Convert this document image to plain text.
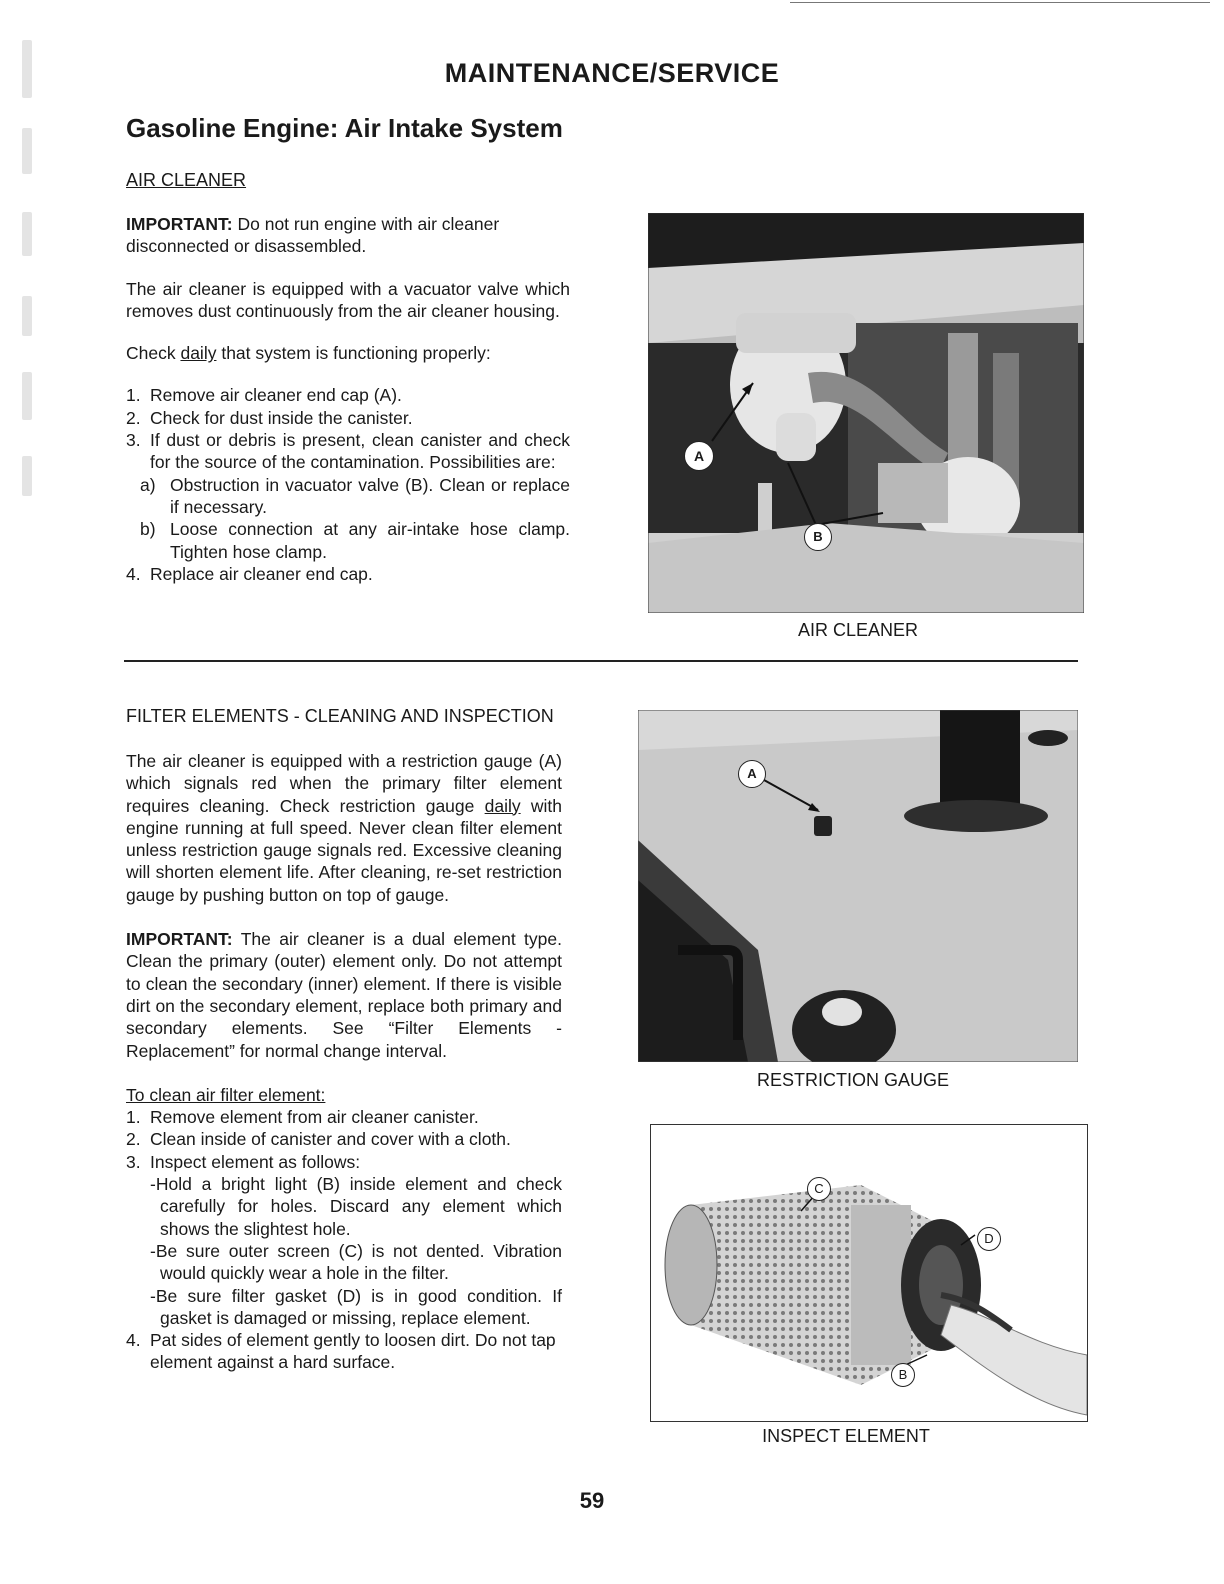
MAINTENANCE/SERVICE
Gasoline Engine: Air Intake System
AIR CLEANER

IMPORTANT: Do not run engine with air cleaner disconnected or disassembled.

The air cleaner is equipped with a vacuator valve which removes dust continuously from the air cleaner housing.

Check daily that system is functioning properly:

1. Remove air cleaner end cap (A).
2. Check for dust inside the canister.
3. If dust or debris is present, clean canister and check for the source of the contamination. Possibilities are:
a) Obstruction in vacuator valve (B). Clean or replace if necessary.
b) Loose connection at any air-intake hose clamp. Tighten hose clamp.
4. Replace air cleaner end cap.
A
B
AIR CLEANER
FILTER ELEMENTS - CLEANING AND INSPECTION

The air cleaner is equipped with a restriction gauge (A) which signals red when the primary filter element requires cleaning. Check restriction gauge daily with engine running at full speed. Never clean filter element unless restriction gauge signals red. Excessive cleaning will shorten element life. After cleaning, re-set restriction gauge by pushing button on top of gauge.

IMPORTANT: The air cleaner is a dual element type. Clean the primary (outer) element only. Do not attempt to clean the secondary (inner) element. If there is visible dirt on the secondary element, replace both primary and secondary elements. See “Filter Elements - Replacement” for normal change interval.

To clean air filter element:

1. Remove element from air cleaner canister.
2. Clean inside of canister and cover with a cloth.
3. Inspect element as follows:
-Hold a bright light (B) inside element and check carefully for holes. Discard any element which shows the slightest hole.
-Be sure outer screen (C) is not dented. Vibration would quickly wear a hole in the filter.
-Be sure filter gasket (D) is in good condition. If gasket is damaged or missing, replace element.
4. Pat sides of element gently to loosen dirt. Do not tap element against a hard surface.
A
RESTRICTION GAUGE
C
D
B
INSPECT ELEMENT
59
